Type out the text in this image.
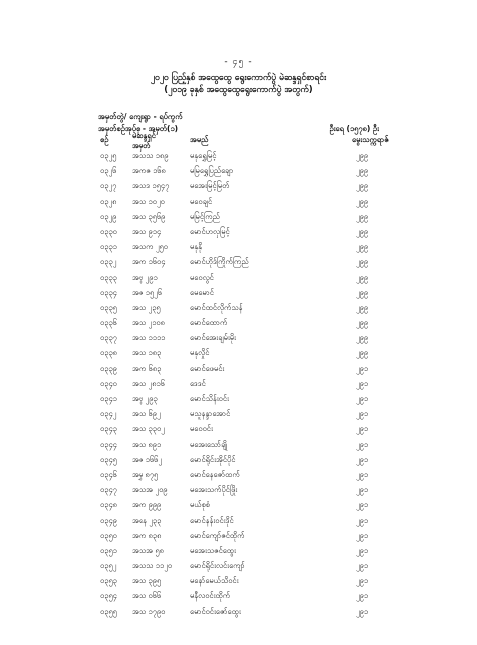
- ၄၅ -
၂၀၂၀ ပြည့်နှစ် အထွေထွေ ရွေးကောက်ပွဲ မဲဆန္ဒရှင်စာရင်း
(၂၀၁၉ ခုနှစ် အထွေထွေရွေးကောက်ပွဲ အတွက်)
အမှတ်တွဲ/ ကျေးရွာ - ရပ်ကွက်
အမှတ်စဉ်အုပ်စု - အမှတ်(၁)	ဦးရေ (၁၅၇၈) ဦး
စဉ်	မဲဆန္ဒရှင်
အမှတ်
အမည်	မွေးသက္ကရာဇ်
၀၃၂၅ အသသ ၁၈၉	မနုရွှေမြင့်	၂၉၉
၀၃၂၆ အကဇ ၁၆၈	မမြရွှေပြည်ချော	၂၉၉
၀၃၂၇ အသဒ ၁၅၄၇	မအေးမြင့်မြတ်	၂၉၉
၀၃၂၈ အသ ၁၀၂၀	မဝေချင်	၂၉၉
၀၃၂၉ အသ ၃၅၆၉	မမြင့်ကြည်	၂၉၉
၀၃၃၀ အသ ၉၁၄	မောင်ဟလှမြင့်	၂၉၉
၀၃၃၁ အသက ၂၅၀	မနုနို	၂၉၉
၀၃၃၂ အက ၁၆၀၄	မောင်ဟိုဒ်ကြိုက်ကြည်	၂၉၉
၀၃၃၃ အဗွ ၂၉၁	မဝေလွင်	၂၉၉
၀၃၃၄ အဇ ၁၅၂၆	မေမောင်	၂၉၉
၀၃၃၅ အသ ၂၃၅	မောင်ထင်လိုက်သန်	၂၉၉
၀၃၃၆ အသ ၂၁၀၈	မောင်ထောက်	၂၉၉
၀၃၃၇ အသ ၁၁၁၁	မောင်အေးချမ်းမိုး	၂၉၉
၀၃၃၈ အသ ၁၈၃	မနုလှိုင်	၂၉၉
၀၃၃၉ အက ၆၈၃	မောင်ဖေမင်း	၂၉၁
၀၃၄၀ အသ ၂၈၁၆	ဒေဒင်	၂၉၁
၀၃၄၁ အဗွ ၂၉၃	မောင်သိန်းဝင်း	၂၉၁
၀၃၄၂ အသ ၆၉၂	မသူနန္ဒာအောင်	၂၉၁
၀၃၄၃ အသ ၃၃၀၂	မဝေဝင်း	၂၉၁
၀၃၄၄ အသ ၈၉၁	မအေးသော်ချို	၂၉၁
၀၃၄၅ အဇ ၁၆၆၂	မောင်ရိုင်းအိုင်ပိုင်	၂၉၁
၀၃၄၆ အမွှ ၈၇၅	မောင်နေဇော်ထက်	၂၉၁
၀၃၄၇ အသအ ၂၀၉	မအေးသက်ပိုင်ဖြိုး	၂၉၁
၀၃၄၈ အက ၉၉၉	မယ်စုစံ	၂၉၁
၀၃၄၉ အနေ ၂၃၃	မောင်နန်းဝင်းဒိုင်	၂၉၁
၀၃၅၀ အက ၈၃၈	မောင်ကျော်ဇင်ထိုက်	၂၉၁
၀၃၅၁ အသအ ၅၈	မအေးသဇင်ထွေး	၂၉၁
၀၃၅၂ အသသ ၁၁၂၀ မောင်ရိုင်းလင်းကျော်	၂၉၁
၀၃၅၃ အသ ၃၉၅	မနော်မေယ်သိဝင်း	၂၉၁
၀၃၅၄ အသ ၀၆၆	မနီလဝင်းထိုက်	၂၉၁
၀၃၅၅ အသ ၁၇၉၀	မောင်ဝင်းဇော်ထွေး	၂၉၁
